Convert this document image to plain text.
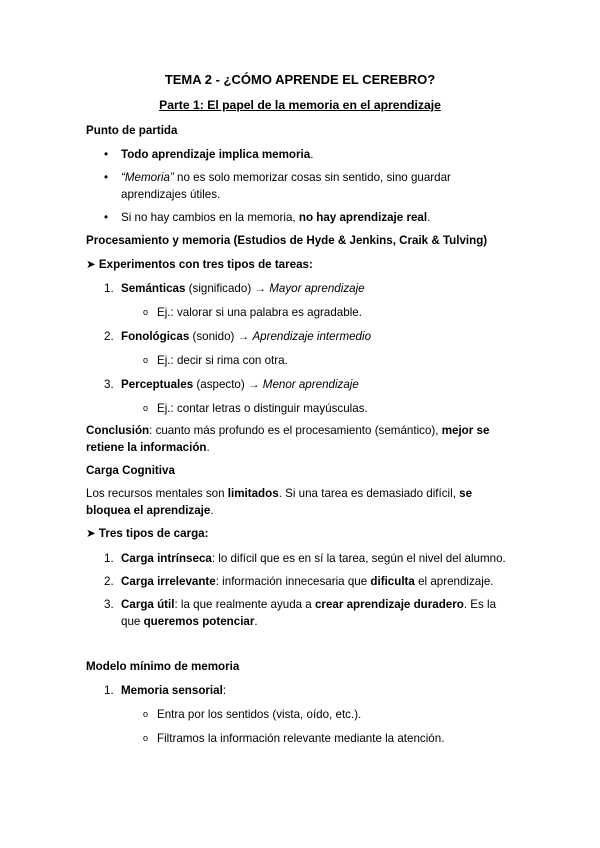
TEMA 2 - ¿CÓMO APRENDE EL CEREBRO?
Parte 1: El papel de la memoria en el aprendizaje
Punto de partida
• Todo aprendizaje implica memoria.
• “Memoria” no es solo memorizar cosas sin sentido, sino guardar
aprendizajes útiles.
• Si no hay cambios en la memoria, no hay aprendizaje real.
Procesamiento y memoria (Estudios de Hyde & Jenkins, Craik & Tulving)
➤ Experimentos con tres tipos de tareas:
1. Semánticas (significado) → Mayor aprendizaje
o Ej.: valorar si una palabra es agradable.
2. Fonológicas (sonido) → Aprendizaje intermedio
o Ej.: decir si rima con otra.
3. Perceptuales (aspecto) → Menor aprendizaje
o Ej.: contar letras o distinguir mayúsculas.
Conclusión: cuanto más profundo es el procesamiento (semántico), mejor se
retiene la información.
Carga Cognitiva
Los recursos mentales son limitados. Si una tarea es demasiado difícil, se
bloquea el aprendizaje.
➤ Tres tipos de carga:
1. Carga intrínseca: lo difícil que es en sí la tarea, según el nivel del alumno.
2. Carga irrelevante: información innecesaria que dificulta el aprendizaje.
3. Carga útil: la que realmente ayuda a crear aprendizaje duradero. Es la
que queremos potenciar.
Modelo mínimo de memoria
1. Memoria sensorial:
o Entra por los sentidos (vista, oído, etc.).
o Filtramos la información relevante mediante la atención.
